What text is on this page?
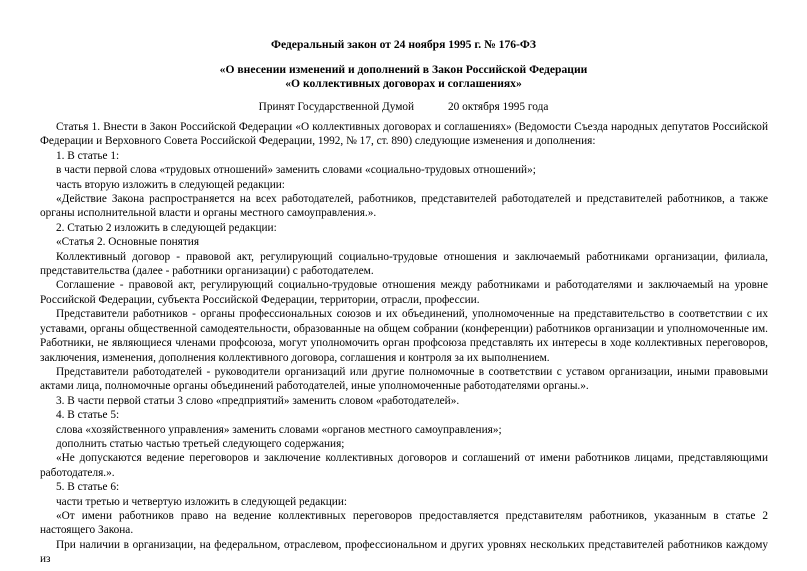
Федеральный закон от 24 ноября 1995 г. № 176-ФЗ
«О внесении изменений и дополнений в Закон Российской Федерации
«О коллективных договорах и соглашениях»
Принят Государственной Думой            20 октября 1995 года

Статья 1. Внести в Закон Российской Федерации «О коллективных договорах и соглашениях» (Ведомости Съезда народных депутатов Российской Федерации и Верховного Совета Российской Федерации, 1992, № 17, ст. 890) следующие изменения и дополнения:

1. В статье 1:

в части первой слова «трудовых отношений» заменить словами «социально-трудовых отношений»;

часть вторую изложить в следующей редакции:

«Действие Закона распространяется на всех работодателей, работников, представителей работодателей и представителей работников, а также органы исполнительной власти и органы местного самоуправления.».

2. Статью 2 изложить в следующей редакции:

«Статья 2. Основные понятия

Коллективный договор - правовой акт, регулирующий социально-трудовые отношения и заключаемый работниками организации, филиала, представительства (далее - работники организации) с работодателем.

Соглашение - правовой акт, регулирующий социально-трудовые отношения между работниками и работодателями и заключаемый на уровне Российской Федерации, субъекта Российской Федерации, территории, отрасли, профессии.

Представители работников - органы профессиональных союзов и их объединений, уполномоченные на представительство в соответствии с их уставами, органы общественной самодеятельности, образованные на общем собрании (конференции) работников организации и уполномоченные им. Работники, не являющиеся членами профсоюза, могут уполномочить орган профсоюза представлять их интересы в ходе коллективных переговоров, заключения, изменения, дополнения коллективного договора, соглашения и контроля за их выполнением.

Представители работодателей - руководители организаций или другие полномочные в соответствии с уставом организации, иными правовыми актами лица, полномочные органы объединений работодателей, иные уполномоченные работодателями органы.».

3. В части первой статьи 3 слово «предприятий» заменить словом «работодателей».

4. В статье 5:

слова «хозяйственного управления» заменить словами «органов местного самоуправления»;

дополнить статью частью третьей следующего содержания;

«Не допускаются ведение переговоров и заключение коллективных договоров и соглашений от имени работников лицами, представляющими работодателя.».

5. В статье 6:

части третью и четвертую изложить в следующей редакции:

«От имени работников право на ведение коллективных переговоров предоставляется представителям работников, указанным в статье 2 настоящего Закона.

При наличии в организации, на федеральном, отраслевом, профессиональном и других уровнях нескольких представителей работников каждому из
